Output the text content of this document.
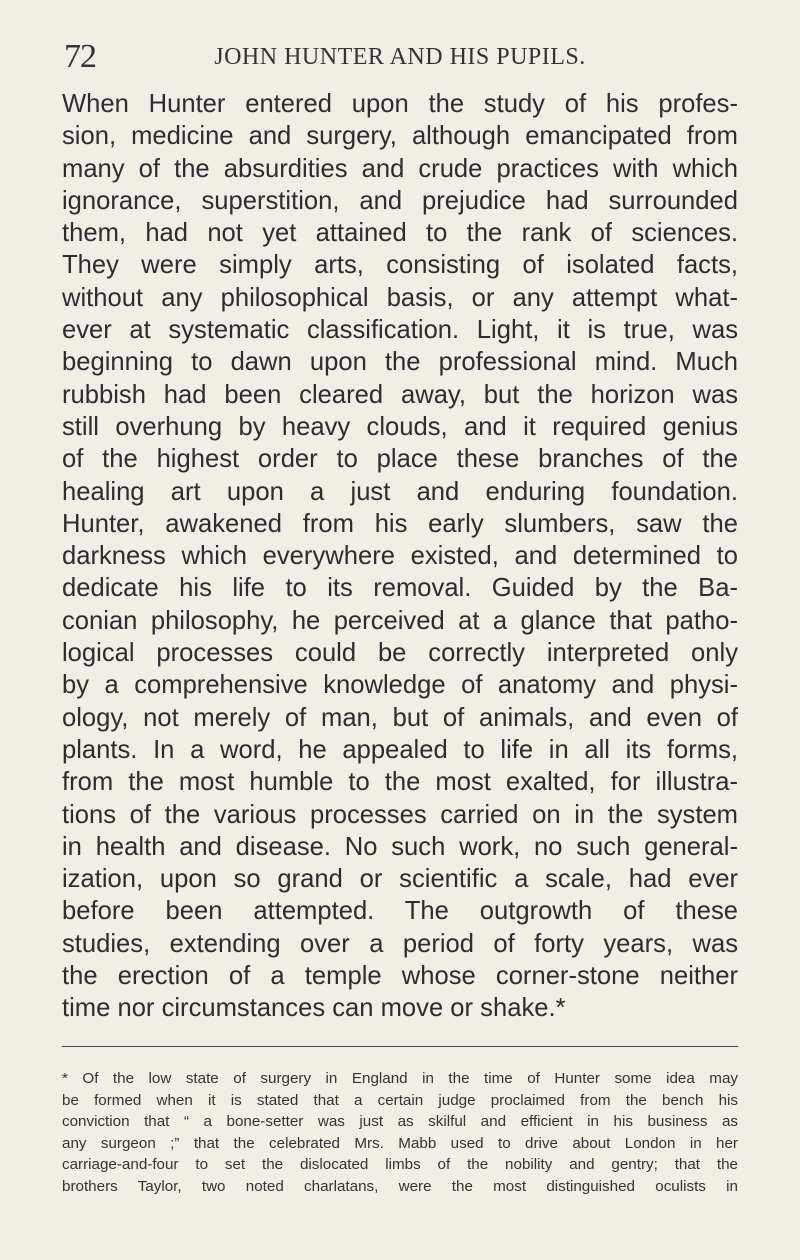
72	JOHN HUNTER AND HIS PUPILS.

When Hunter entered upon the study of his profes-
sion, medicine and surgery, although emancipated from
many of the absurdities and crude practices with which
ignorance, superstition, and prejudice had surrounded
them, had not yet attained to the rank of sciences.
They were simply arts, consisting of isolated facts,
without any philosophical basis, or any attempt what-
ever at systematic classification. Light, it is true, was
beginning to dawn upon the professional mind. Much
rubbish had been cleared away, but the horizon was
still overhung by heavy clouds, and it required genius
of the highest order to place these branches of the
healing art upon a just and enduring foundation.
Hunter, awakened from his early slumbers, saw the
darkness which everywhere existed, and determined to
dedicate his life to its removal. Guided by the Ba-
conian philosophy, he perceived at a glance that patho-
logical processes could be correctly interpreted only
by a comprehensive knowledge of anatomy and physi-
ology, not merely of man, but of animals, and even of
plants. In a word, he appealed to life in all its forms,
from the most humble to the most exalted, for illustra-
tions of the various processes carried on in the system
in health and disease. No such work, no such general-
ization, upon so grand or scientific a scale, had ever
before been attempted. The outgrowth of these
studies, extending over a period of forty years, was
the erection of a temple whose corner-stone neither
time nor circumstances can move or shake.*

* Of the low state of surgery in England in the time of Hunter some idea may
be formed when it is stated that a certain judge proclaimed from the bench his
conviction that “ a bone-setter was just as skilful and efficient in his business as
any surgeon ;” that the celebrated Mrs. Mabb used to drive about London in her
carriage-and-four to set the dislocated limbs of the nobility and gentry; that the
brothers Taylor, two noted charlatans, were the most distinguished oculists in
